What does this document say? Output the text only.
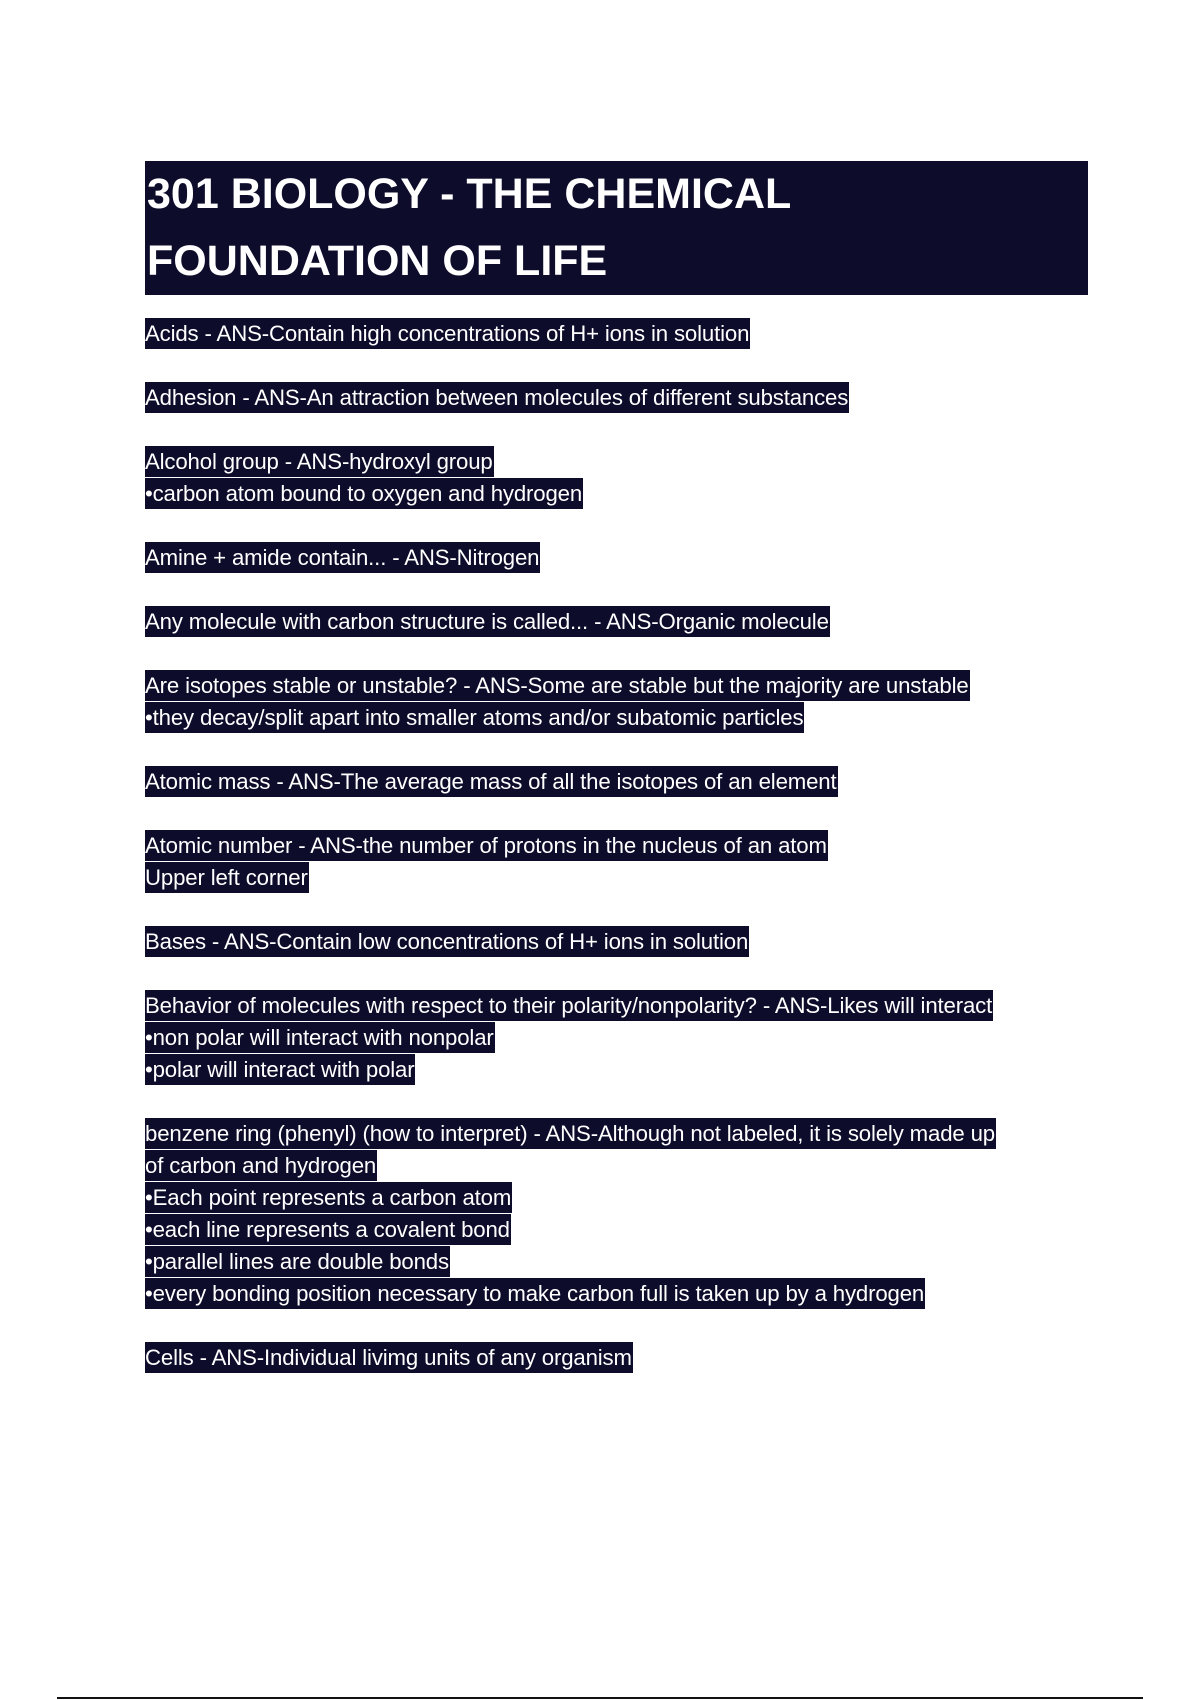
301 BIOLOGY - THE CHEMICAL
FOUNDATION OF LIFE
Acids - ANS-Contain high concentrations of H+ ions in solution
Adhesion - ANS-An attraction between molecules of different substances
Alcohol group - ANS-hydroxyl group
•carbon atom bound to oxygen and hydrogen
Amine + amide contain... - ANS-Nitrogen
Any molecule with carbon structure is called... - ANS-Organic molecule
Are isotopes stable or unstable? - ANS-Some are stable but the majority are unstable
•they decay/split apart into smaller atoms and/or subatomic particles
Atomic mass - ANS-The average mass of all the isotopes of an element
Atomic number - ANS-the number of protons in the nucleus of an atom
Upper left corner
Bases - ANS-Contain low concentrations of H+ ions in solution
Behavior of molecules with respect to their polarity/nonpolarity? - ANS-Likes will interact
•non polar will interact with nonpolar
•polar will interact with polar
benzene ring (phenyl) (how to interpret) - ANS-Although not labeled, it is solely made up
of carbon and hydrogen
•Each point represents a carbon atom
•each line represents a covalent bond
•parallel lines are double bonds
•every bonding position necessary to make carbon full is taken up by a hydrogen
Cells - ANS-Individual livimg units of any organism
